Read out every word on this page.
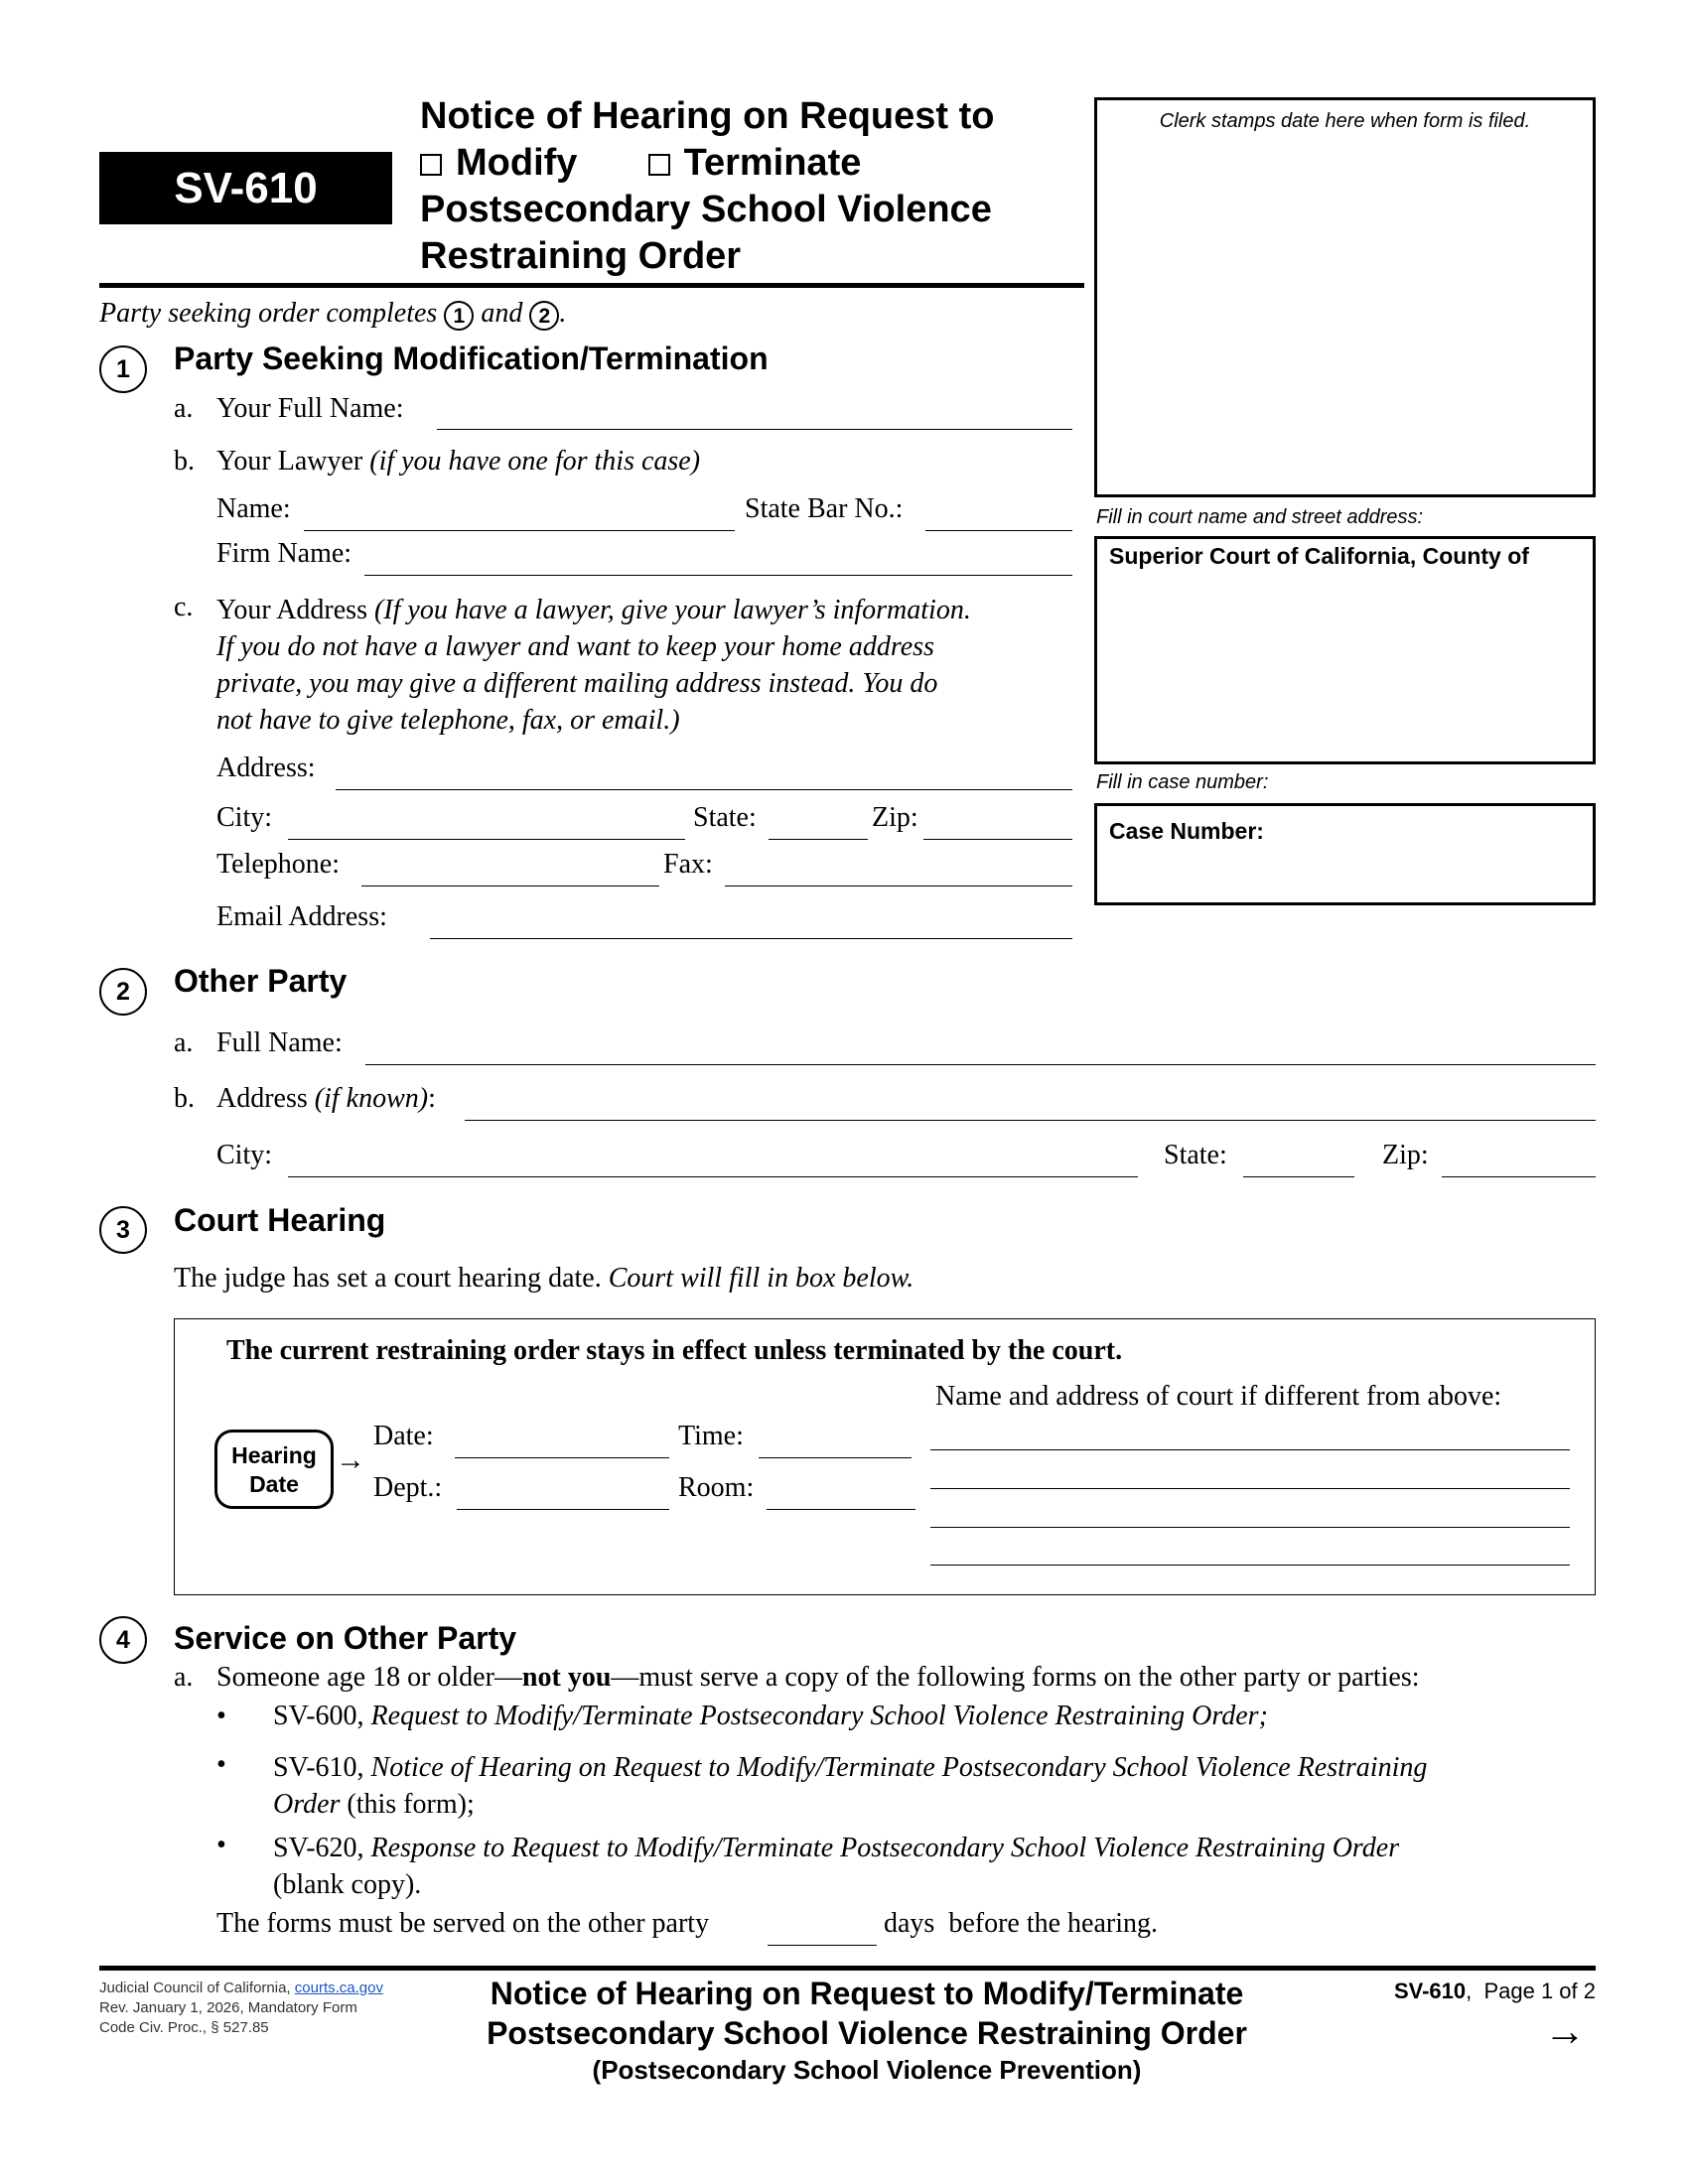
SV-610
Notice of Hearing on Request to
Modify	Terminate
Postsecondary School Violence
Restraining Order
Clerk stamps date here when form is filed.
Fill in court name and street address:
Superior Court of California, County of
Fill in case number:
Case Number:
Party seeking order completes 1 and 2 .
1	Party Seeking Modification/Termination
a. Your Full Name:
b. Your Lawyer (if you have one for this case)
Name:	State Bar No.:
Firm Name:
c. Your Address (If you have a lawyer, give your lawyer’s information.
If you do not have a lawyer and want to keep your home address
private, you may give a different mailing address instead. You do
not have to give telephone, fax, or email.)
Address:
City:	State:	Zip:
Telephone:	Fax:
Email Address:
2	Other Party
a. Full Name:
b. Address (if known):
City:	State:	Zip:
3	Court Hearing
The judge has set a court hearing date. Court will fill in box below.
The current restraining order stays in effect unless terminated by the court.
Name and address of court if different from above:
Hearing
Date
→
Date:	Time:
Dept.:	Room:
4	Service on Other Party
a. Someone age 18 or older—not you—must serve a copy of the following forms on the other party or parties:
• SV-600, Request to Modify/Terminate Postsecondary School Violence Restraining Order;
• SV-610, Notice of Hearing on Request to Modify/Terminate Postsecondary School Violence Restraining
Order (this form);
• SV-620, Response to Request to Modify/Terminate Postsecondary School Violence Restraining Order
(blank copy).
The forms must be served on the other party	days  before the hearing.
Judicial Council of California, courts.ca.gov
Rev. January 1, 2026, Mandatory Form
Code Civ. Proc., § 527.85
Notice of Hearing on Request to Modify/Terminate
Postsecondary School Violence Restraining Order
(Postsecondary School Violence Prevention)
SV-610,  Page 1 of 2
→
